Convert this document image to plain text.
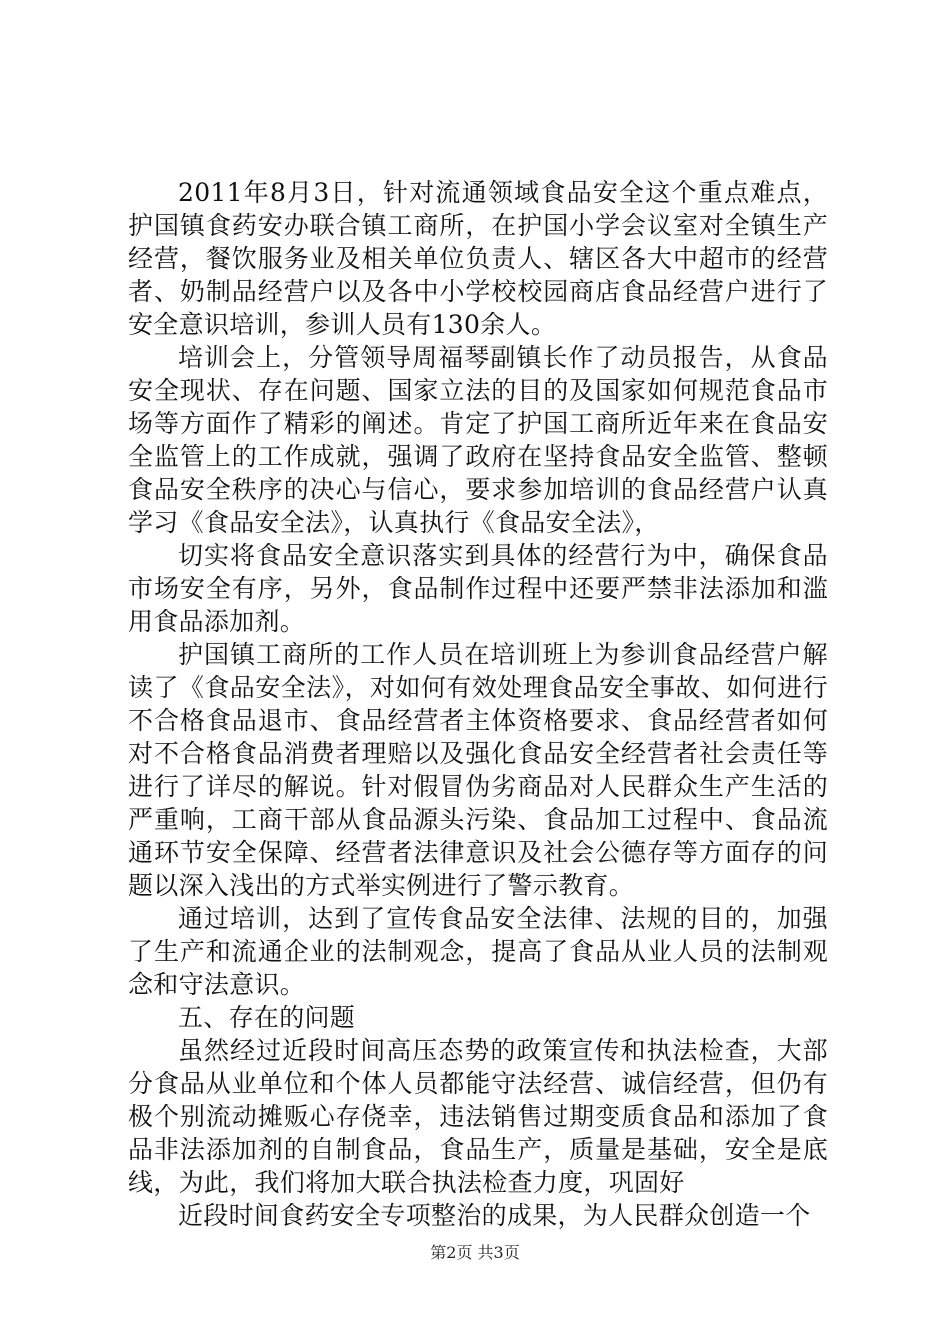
2011年8月3日，针对流通领域食品安全这个重点难点，护国镇食药安办联合镇工商所，在护国小学会议室对全镇生产经营，餐饮服务业及相关单位负责人、辖区各大中超市的经营者、奶制品经营户以及各中小学校校园商店食品经营户进行了安全意识培训，参训人员有130余人。

培训会上，分管领导周福琴副镇长作了动员报告，从食品安全现状、存在问题、国家立法的目的及国家如何规范食品市场等方面作了精彩的阐述。肯定了护国工商所近年来在食品安全监管上的工作成就，强调了政府在坚持食品安全监管、整顿食品安全秩序的决心与信心，要求参加培训的食品经营户认真学习《食品安全法》，认真执行《食品安全法》，

切实将食品安全意识落实到具体的经营行为中，确保食品市场安全有序，另外，食品制作过程中还要严禁非法添加和滥用食品添加剂。

护国镇工商所的工作人员在培训班上为参训食品经营户解读了《食品安全法》，对如何有效处理食品安全事故、如何进行不合格食品退市、食品经营者主体资格要求、食品经营者如何对不合格食品消费者理赔以及强化食品安全经营者社会责任等进行了详尽的解说。针对假冒伪劣商品对人民群众生产生活的严重响，工商干部从食品源头污染、食品加工过程中、食品流通环节安全保障、经营者法律意识及社会公德存等方面存的问题以深入浅出的方式举实例进行了警示教育。

通过培训，达到了宣传食品安全法律、法规的目的，加强了生产和流通企业的法制观念，提高了食品从业人员的法制观念和守法意识。

五、存在的问题

虽然经过近段时间高压态势的政策宣传和执法检查，大部分食品从业单位和个体人员都能守法经营、诚信经营，但仍有极个别流动摊贩心存侥幸，违法销售过期变质食品和添加了食品非法添加剂的自制食品，食品生产，质量是基础，安全是底线，为此，我们将加大联合执法检查力度，巩固好

近段时间食药安全专项整治的成果，为人民群众创造一个

第2页 共3页
